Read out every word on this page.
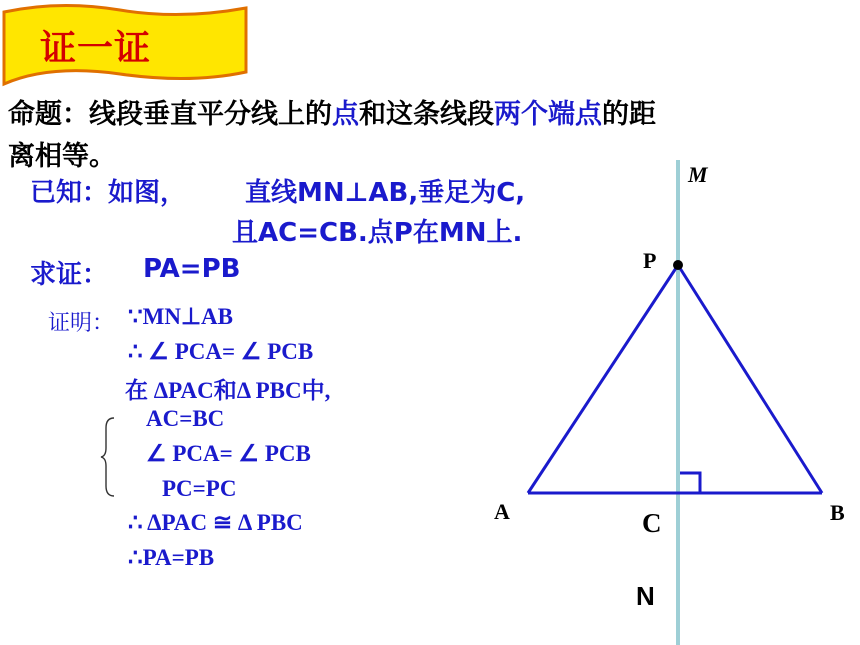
证一证
命题：线段垂直平分线上的点和这条线段两个端点的距
离相等。
已知：如图， 直线MN⊥AB,垂足为C,
且AC=CB.点P在MN上.
求证： PA=PB
证明： ∵MN⊥AB
∴ ∠ PCA= ∠ PCB
在 ΔPAC和Δ PBC中,
AC=BC
∠ PCA= ∠ PCB
PC=PC
∴ ΔPAC ≅ Δ PBC
∴PA=PB
M
P
A	B
C
N
